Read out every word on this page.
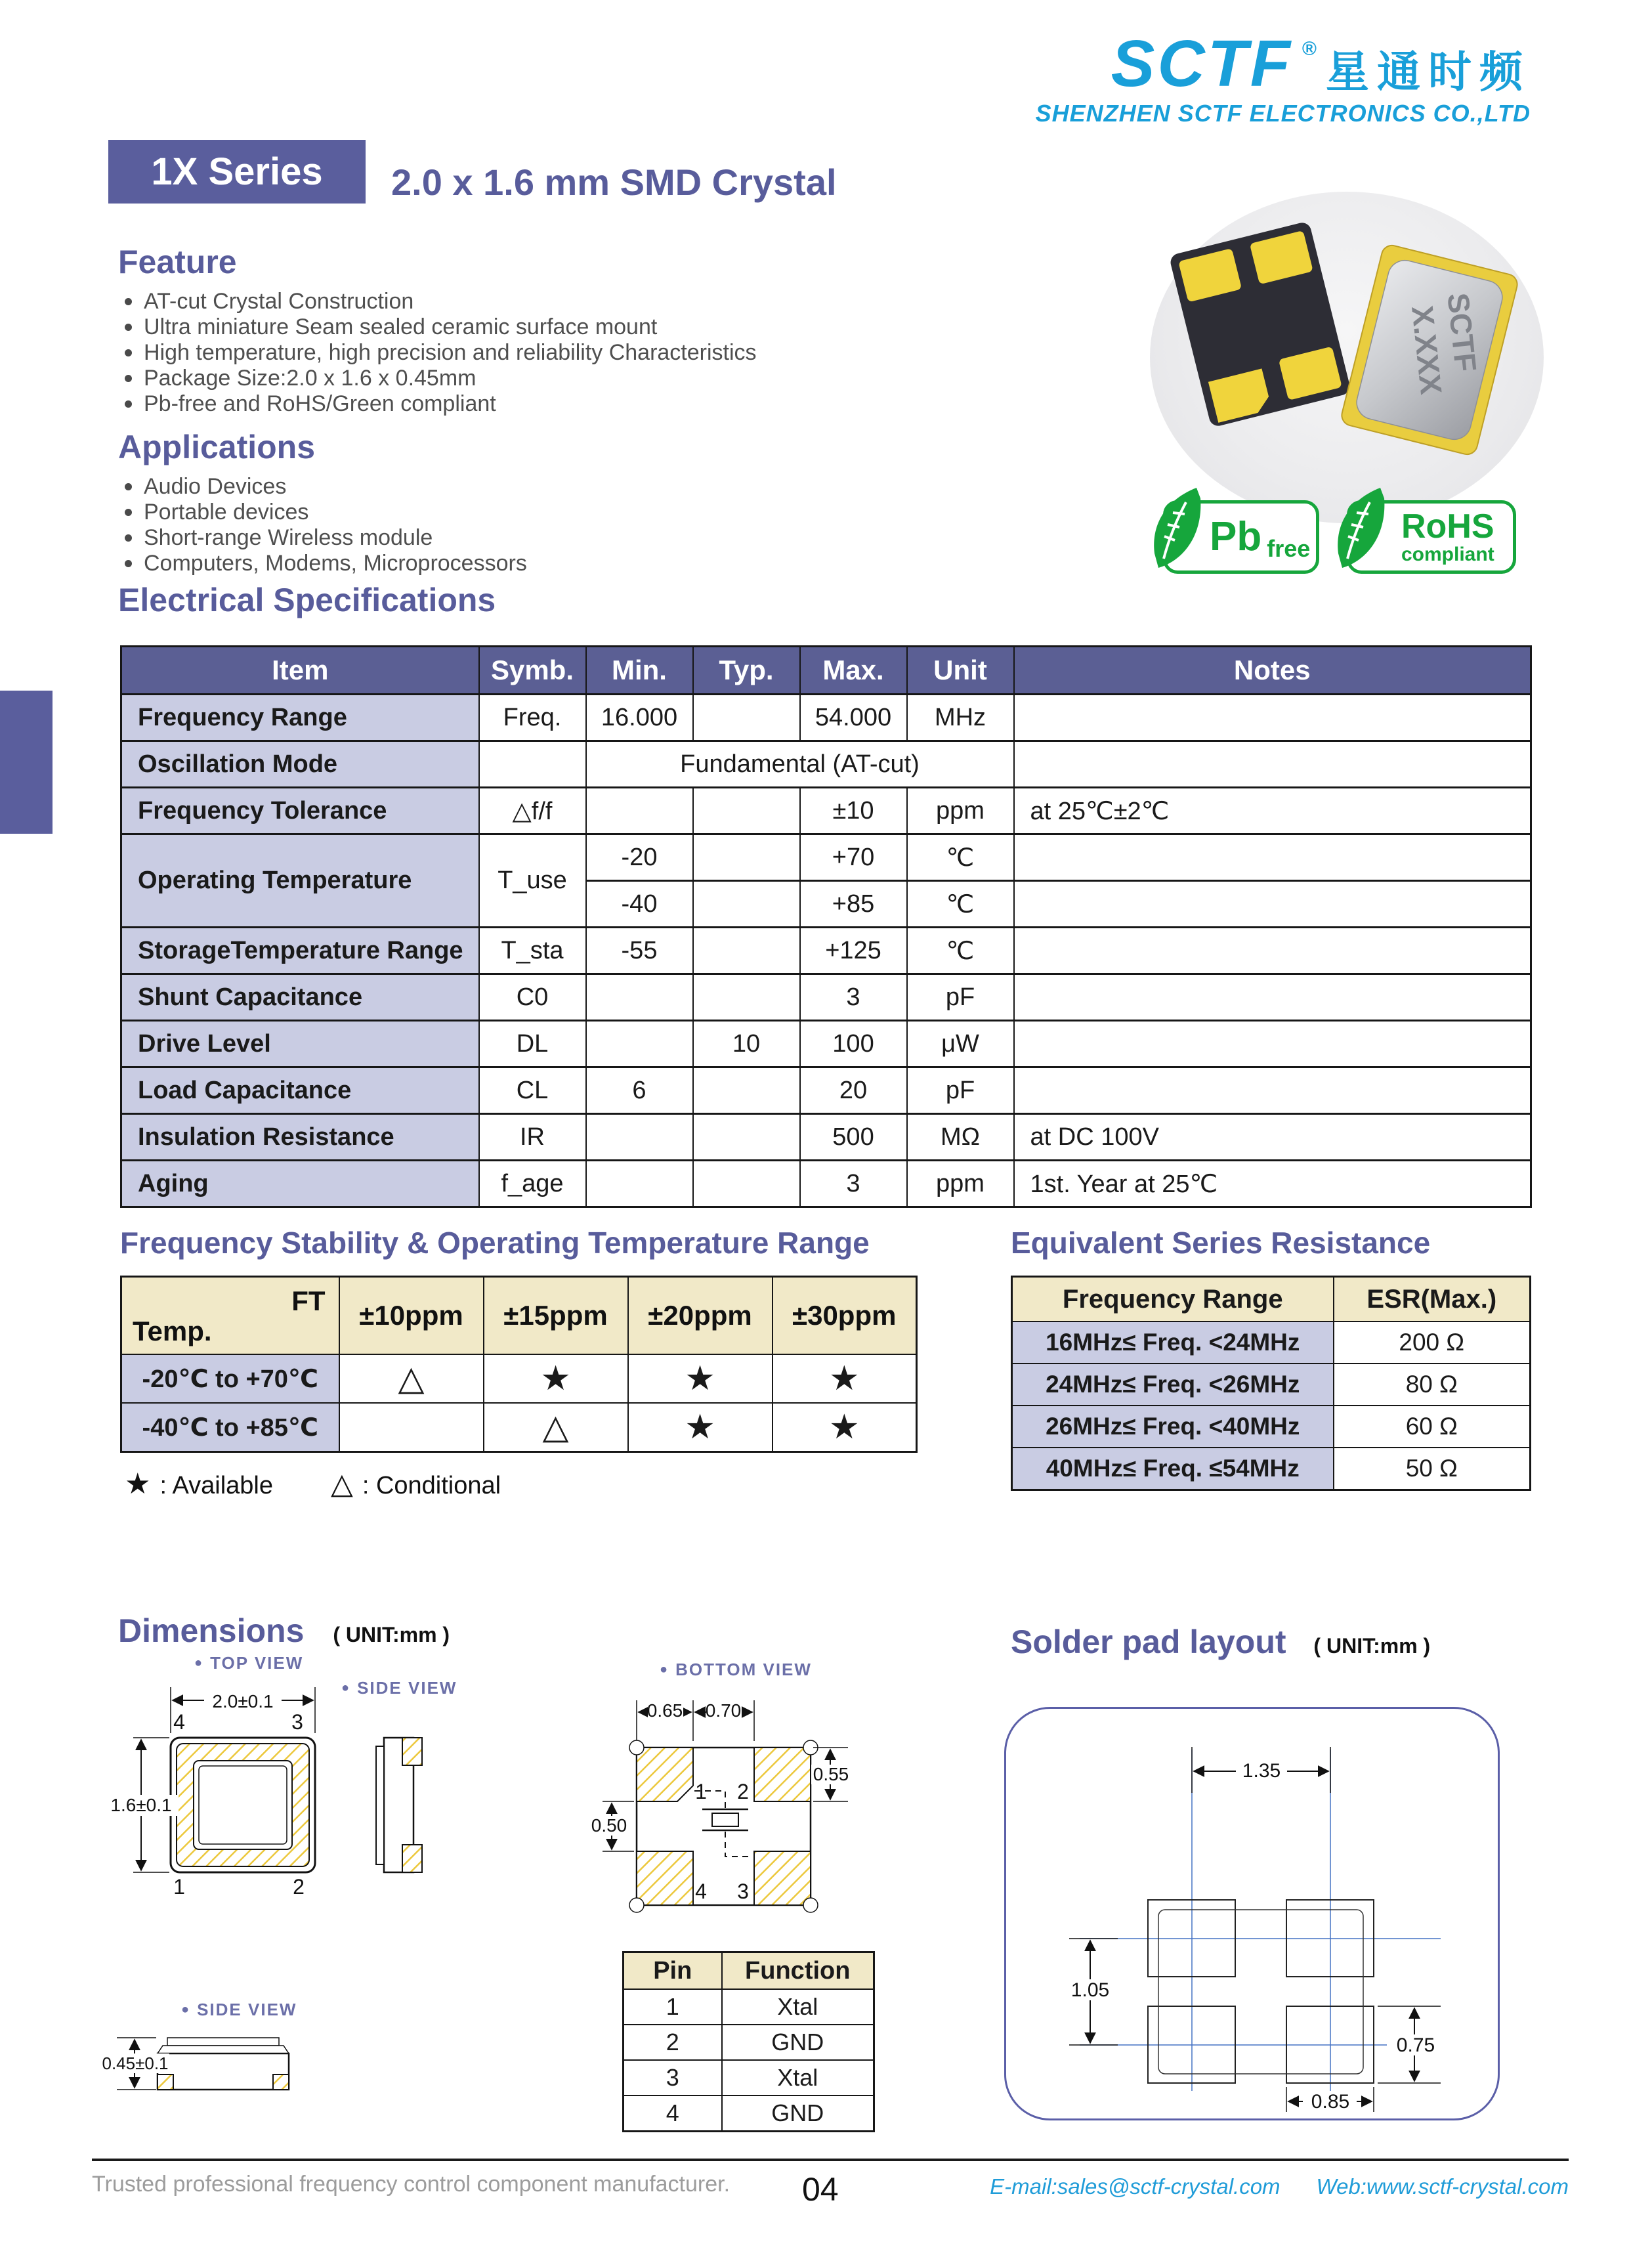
SCTF ® 星通时频
SHENZHEN SCTF ELECTRONICS CO.,LTD
1X Series 2.0 x 1.6 mm SMD Crystal
Feature
AT-cut Crystal Construction
Ultra miniature Seam sealed ceramic surface mount
High temperature, high precision and reliability Characteristics
Package Size:2.0 x 1.6 x 0.45mm
Pb-free and RoHS/Green compliant
Applications
Audio Devices
Portable devices
Short-range Wireless module
Computers, Modems, Microprocessors
SCTF
X.XXX
Pb free
RoHS
compliant
Electrical Specifications
Item	Symb.	Min.	Typ.	Max.	Unit	Notes
Frequency Range	Freq.	16.000		54.000	MHz	
Oscillation Mode		Fundamental (AT-cut)				
Frequency Tolerance	△f/f			±10	ppm	at 25℃±2℃
Operating Temperature	T_use	-20		+70	℃	
		-40		+85	℃	
StorageTemperature Range	T_sta	-55		+125	℃	
Shunt Capacitance	C0			3	pF	
Drive Level	DL		10	100	μW	
Load Capacitance	CL	6		20	pF	
Insulation Resistance	IR			500	MΩ	at DC 100V
Aging	f_age			3	ppm	1st. Year at 25℃
Frequency Stability & Operating Temperature Range
FT
Temp.	±10ppm	±15ppm	±20ppm	±30ppm
-20℃ to +70℃	△	★	★	★
-40℃ to +85℃		△	★	★
★ : Available △ : Conditional
Equivalent Series Resistance
Frequency Range	ESR(Max.)
16MHz≤ Freq. <24MHz	200 Ω
24MHz≤ Freq. <26MHz	80 Ω
26MHz≤ Freq. <40MHz	60 Ω
40MHz≤ Freq. ≤54MHz	50 Ω
Dimensions ( UNIT:mm )
● TOP VIEW
● SIDE VIEW
● BOTTOM VIEW
● SIDE VIEW
2.0±0.1
4	3
1.6±0.1
1	2
0.65 0.70
1 2
4 3
0.55
0.50
0.45±0.1
Pin	Function
1	Xtal
2	GND
3	Xtal
4	GND
Solder pad layout ( UNIT:mm )
1.35
1.05
0.75
0.85
Trusted professional frequency control component manufacturer. 04	E-mail:sales@sctf-crystal.com Web:www.sctf-crystal.com
